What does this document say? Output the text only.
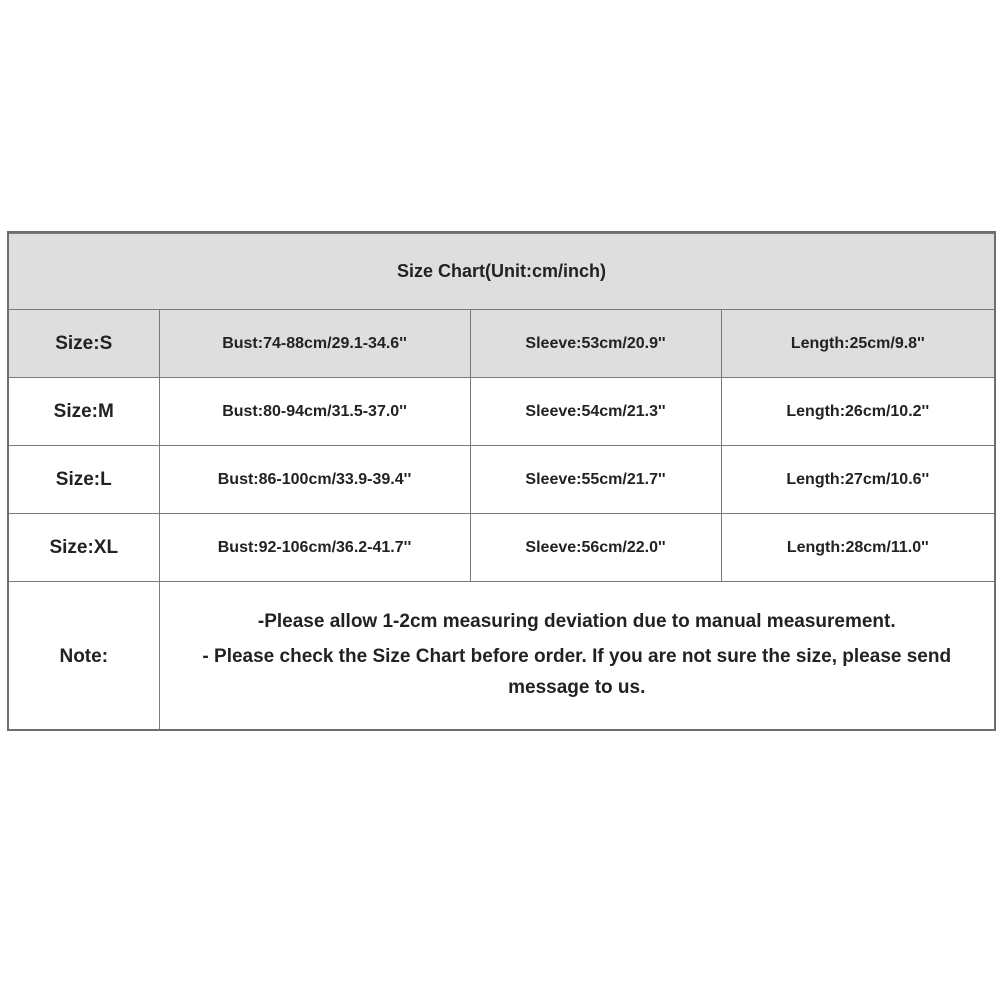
Size Chart(Unit:cm/inch)			
Size:S	Bust:74-88cm/29.1-34.6''	Sleeve:53cm/20.9''	Length:25cm/9.8''
Size:M	Bust:80-94cm/31.5-37.0''	Sleeve:54cm/21.3''	Length:26cm/10.2''
Size:L	Bust:86-100cm/33.9-39.4''	Sleeve:55cm/21.7''	Length:27cm/10.6''
Size:XL	Bust:92-106cm/36.2-41.7''	Sleeve:56cm/22.0''	Length:28cm/11.0''
Note:	-Please allow 1-2cm measuring deviation due to manual measurement.

- Please check the Size Chart before order. If you are not sure the size, please send message to us.		
